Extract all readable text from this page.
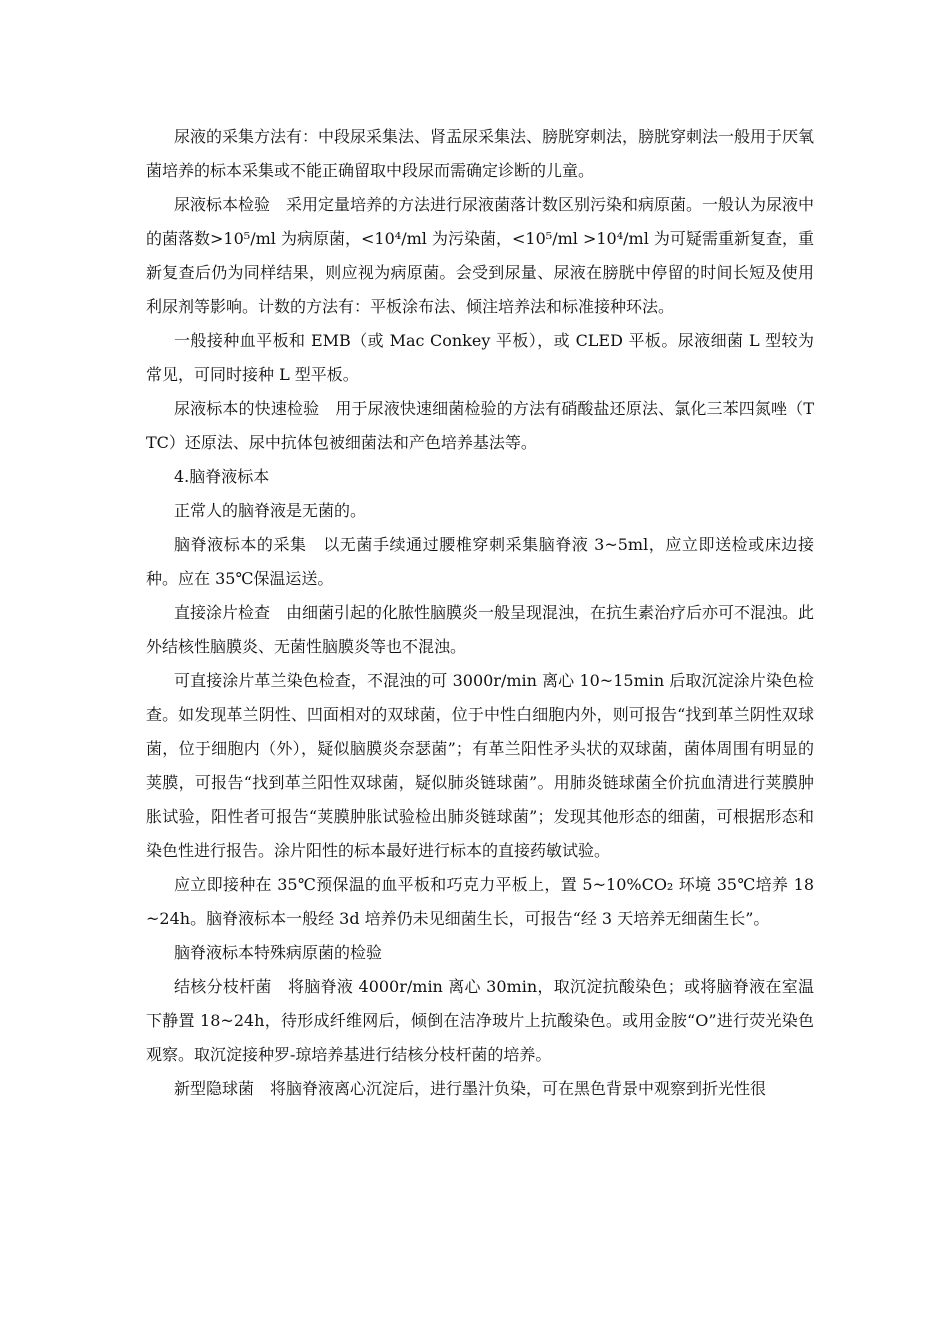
尿液的采集方法有：中段尿采集法、肾盂尿采集法、膀胱穿刺法，膀胱穿刺法一般用于厌氧菌培养的标本采集或不能正确留取中段尿而需确定诊断的儿童。

尿液标本检验　采用定量培养的方法进行尿液菌落计数区别污染和病原菌。一般认为尿液中的菌落数>10⁵/ml 为病原菌，<10⁴/ml 为污染菌，<10⁵/ml >10⁴/ml 为可疑需重新复查，重新复查后仍为同样结果，则应视为病原菌。会受到尿量、尿液在膀胱中停留的时间长短及使用利尿剂等影响。计数的方法有：平板涂布法、倾注培养法和标准接种环法。

一般接种血平板和 EMB（或 Mac Conkey 平板），或 CLED 平板。尿液细菌 L 型较为常见，可同时接种 L 型平板。

尿液标本的快速检验　用于尿液快速细菌检验的方法有硝酸盐还原法、氯化三苯四氮唑（TTC）还原法、尿中抗体包被细菌法和产色培养基法等。

4.脑脊液标本

正常人的脑脊液是无菌的。

脑脊液标本的采集　以无菌手续通过腰椎穿刺采集脑脊液 3~5ml，应立即送检或床边接种。应在 35℃保温运送。

直接涂片检查　由细菌引起的化脓性脑膜炎一般呈现混浊，在抗生素治疗后亦可不混浊。此外结核性脑膜炎、无菌性脑膜炎等也不混浊。

可直接涂片革兰染色检查，不混浊的可 3000r/min 离心 10~15min 后取沉淀涂片染色检查。如发现革兰阴性、凹面相对的双球菌，位于中性白细胞内外，则可报告“找到革兰阴性双球菌，位于细胞内（外），疑似脑膜炎奈瑟菌”；有革兰阳性矛头状的双球菌，菌体周围有明显的荚膜，可报告“找到革兰阳性双球菌，疑似肺炎链球菌”。用肺炎链球菌全价抗血清进行荚膜肿胀试验，阳性者可报告“荚膜肿胀试验检出肺炎链球菌”；发现其他形态的细菌，可根据形态和染色性进行报告。涂片阳性的标本最好进行标本的直接药敏试验。

应立即接种在 35℃预保温的血平板和巧克力平板上，置 5~10%CO₂ 环境 35℃培养 18~24h。脑脊液标本一般经 3d 培养仍未见细菌生长，可报告“经 3 天培养无细菌生长”。

脑脊液标本特殊病原菌的检验

结核分枝杆菌　将脑脊液 4000r/min 离心 30min，取沉淀抗酸染色；或将脑脊液在室温下静置 18~24h，待形成纤维网后，倾倒在洁净玻片上抗酸染色。或用金胺“O”进行荧光染色观察。取沉淀接种罗-琼培养基进行结核分枝杆菌的培养。

新型隐球菌　将脑脊液离心沉淀后，进行墨汁负染，可在黑色背景中观察到折光性很
